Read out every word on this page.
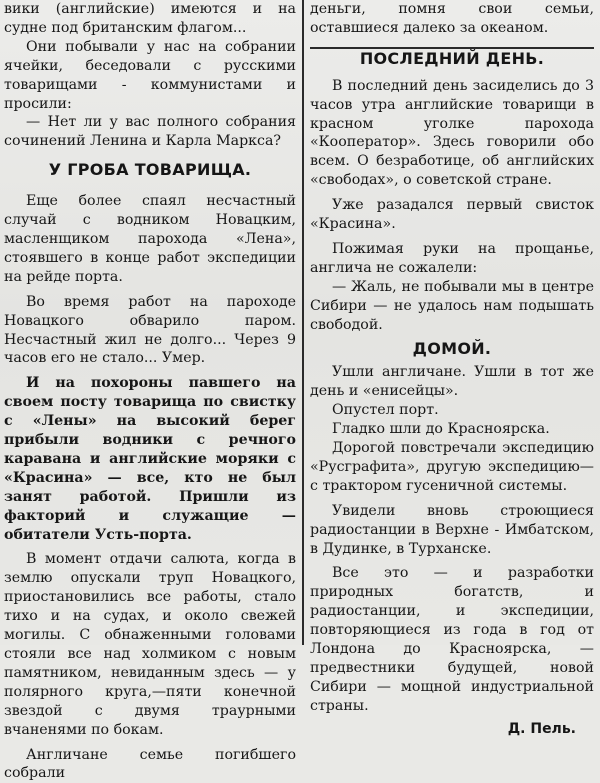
вики (английские) имеются и на судне под британским флагом...

Они побывали у нас на собрании ячейки, беседовали с русскими товарищами - коммунистами и просили:

— Нет ли у вас полного собрания сочинений Ленина и Карла Маркса?

У ГРОБА ТОВАРИЩА.

Еще более спаял несчастный случай с водником Новацким, масленщиком парохода «Лена», стоявшего в конце работ экспедиции на рейде порта.

Во время работ на пароходе Новацкого обварило паром. Несчастный жил не долго... Через 9 часов его не стало... Умер.

И на похороны павшего на своем посту товарища по свистку с «Лены» на высокий берег прибыли водники с речного каравана и английские моряки с «Красина» — все, кто не был занят работой. Пришли из факторий и служащие — обитатели Усть-порта.

В момент отдачи салюта, когда в землю опускали труп Новацкого, приостановились все работы, стало тихо и на судах, и около свежей могилы. С обнаженными головами стояли все над холмиком с новым памятником, невиданным здесь — у полярного круга,—пяти конечной звездой с двумя траурными вчаненями по бокам.

Англичане семье погибшего собрали

деньги, помня свои семьи, оставшиеся далеко за океаном.

ПОСЛЕДНИЙ ДЕНЬ.

В последний день засиделись до 3 часов утра английские товарищи в красном уголке парохода «Кооператор». Здесь говорили обо всем. О безработице, об английских «свободах», о советской стране.

Уже разадался первый свисток «Красина».

Пожимая руки на прощанье, англича не сожалели:

— Жаль, не побывали мы в центре Сибири — не удалось нам подышать свободой.

ДОМОЙ.

Ушли англичане. Ушли в тот же день и «енисейцы».

Опустел порт.

Гладко шли до Красноярска.

Дорогой повстречали экспедицию «Русграфита», другую экспедицию—с трактором гусеничной системы.

Увидели вновь строющиеся радиостанции в Верхне - Имбатском, в Дудинке, в Турханске.

Все это — и разработки природных богатств, и радиостанции, и экспедиции, повторяющиеся из года в год от Лондона до Красноярска, — предвестники будущей, новой Сибири — мощной индустриальной страны.

Д. Пель.
